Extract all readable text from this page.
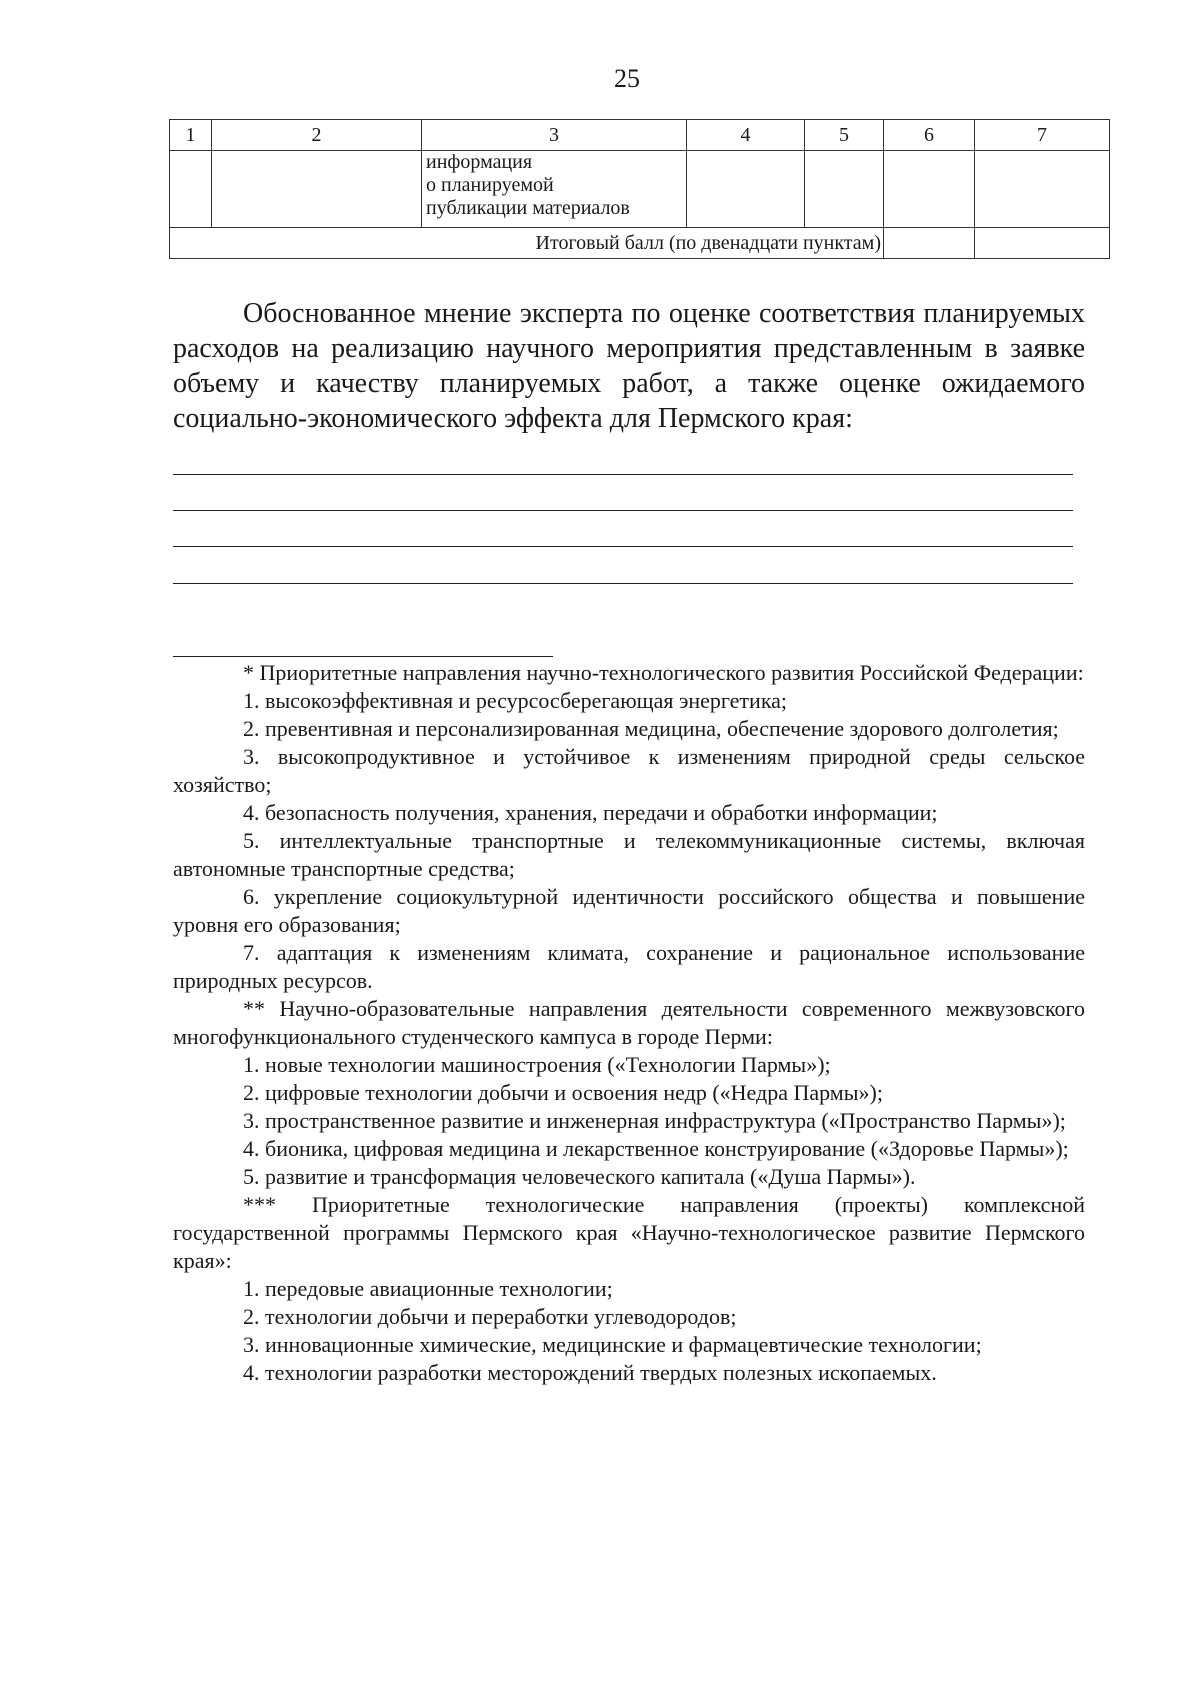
25
1	2	3	4	5	6	7

		информация
о планируемой
публикации материалов				

Итоговый балл (по двенадцати пунктам)						

Обоснованное мнение эксперта по оценке соответствия планируемых расходов на реализацию научного мероприятия представленным в заявке объему и качеству планируемых работ, а также оценке ожидаемого социально-экономического эффекта для Пермского края:

* Приоритетные направления научно-технологического развития Российской Федерации:

1. высокоэффективная и ресурсосберегающая энергетика;

2. превентивная и персонализированная медицина, обеспечение здорового долголетия;

3. высокопродуктивное и устойчивое к изменениям природной среды сельское хозяйство;

4. безопасность получения, хранения, передачи и обработки информации;

5. интеллектуальные транспортные и телекоммуникационные системы, включая автономные транспортные средства;

6. укрепление социокультурной идентичности российского общества и повышение уровня его образования;

7. адаптация к изменениям климата, сохранение и рациональное использование природных ресурсов.

** Научно-образовательные направления деятельности современного межвузовского многофункционального студенческого кампуса в городе Перми:

1. новые технологии машиностроения («Технологии Пармы»);

2. цифровые технологии добычи и освоения недр («Недра Пармы»);

3. пространственное развитие и инженерная инфраструктура («Пространство Пармы»);

4. бионика, цифровая медицина и лекарственное конструирование («Здоровье Пармы»);

5. развитие и трансформация человеческого капитала («Душа Пармы»).

*** Приоритетные технологические направления (проекты) комплексной государственной программы Пермского края «Научно-технологическое развитие Пермского края»:

1. передовые авиационные технологии;

2. технологии добычи и переработки углеводородов;

3. инновационные химические, медицинские и фармацевтические технологии;

4. технологии разработки месторождений твердых полезных ископаемых.
